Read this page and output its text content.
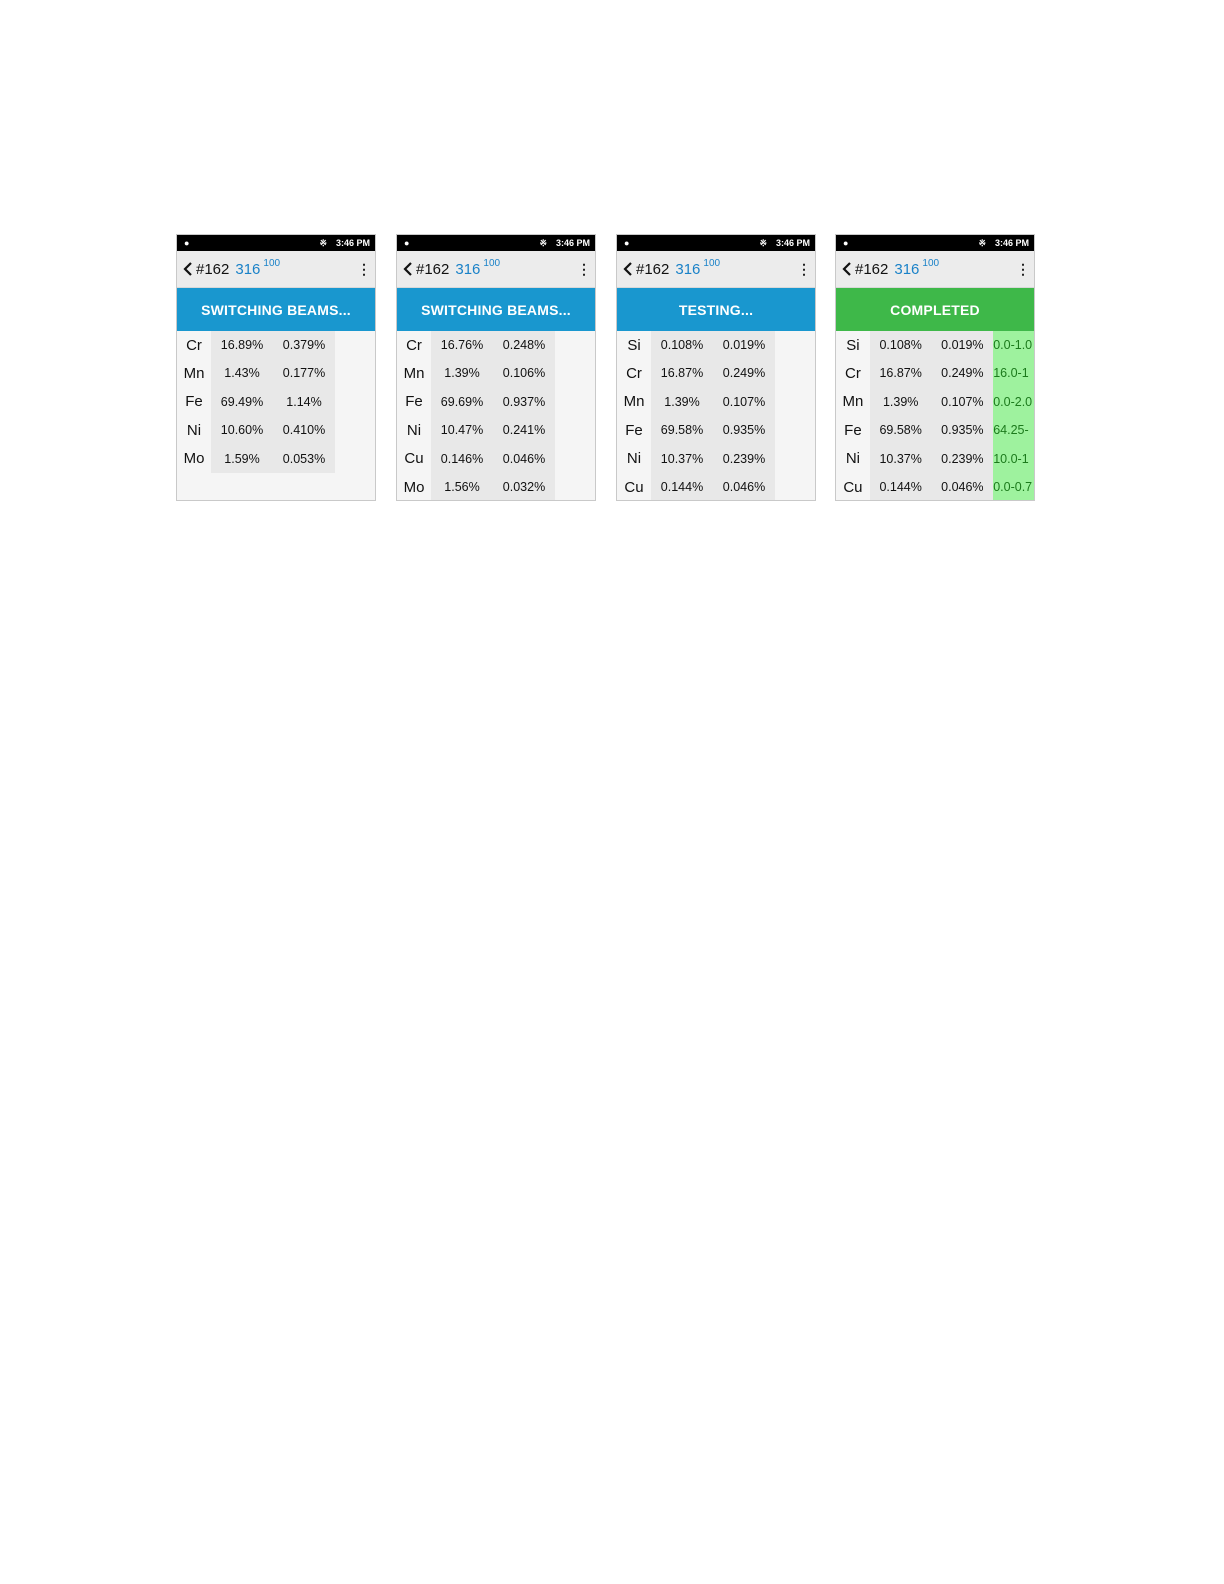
●	※ 3:46 PM
#162 316 100	⋮
SWITCHING BEAMS...
Cr	16.89%	0.379%
Mn	1.43%	0.177%
Fe	69.49%	1.14%
Ni	10.60%	0.410%
Mo	1.59%	0.053%
●	※ 3:46 PM
#162 316 100	⋮
SWITCHING BEAMS...
Cr	16.76%	0.248%
Mn	1.39%	0.106%
Fe	69.69%	0.937%
Ni	10.47%	0.241%
Cu	0.146%	0.046%
Mo	1.56%	0.032%
●	※ 3:46 PM
#162 316 100	⋮
TESTING...
Si	0.108%	0.019%
Cr	16.87%	0.249%
Mn	1.39%	0.107%
Fe	69.58%	0.935%
Ni	10.37%	0.239%
Cu	0.144%	0.046%
●	※ 3:46 PM
#162 316 100	⋮
COMPLETED
Si	0.108%	0.019% 0.0-1.0
Cr	16.87%	0.249% 16.0-1
Mn	1.39%	0.107% 0.0-2.0
Fe	69.58%	0.935% 64.25-
Ni	10.37%	0.239% 10.0-1
Cu	0.144%	0.046% 0.0-0.7
